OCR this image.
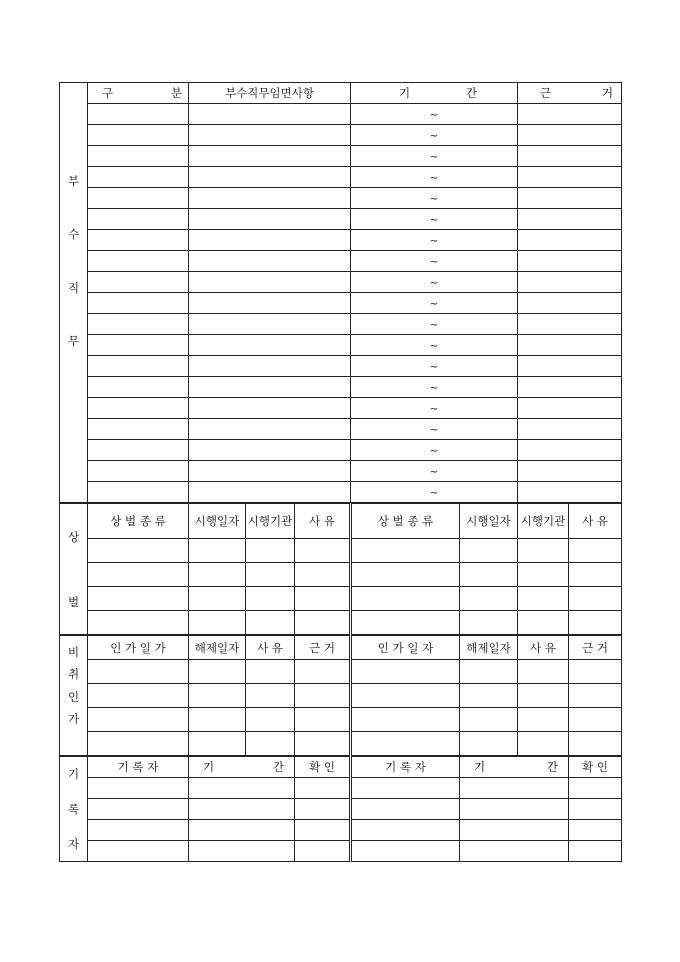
부
수
직
무	구 분	부수직무임면사항	기 간	근 거

			~	
			~	
			~	
			~	
			~	
			~	
			~	
			~	
			~	
			~	
			~	
			~	
			~	
			~	
			~	
			~	
			~	
			~	
			~	
상
벌	상 벌 종 류	시행일자	시행기관	사 유	상 벌 종 류	시행일자	시행기관	사 유

비
취
인
가	인 가 일 가	해제일자	사 유	근 거	인 가 일 자	해제일자	사 유	근 거

기
록
자	기 록 자	기 간	확 인	기 록 자	기 간	확 인
